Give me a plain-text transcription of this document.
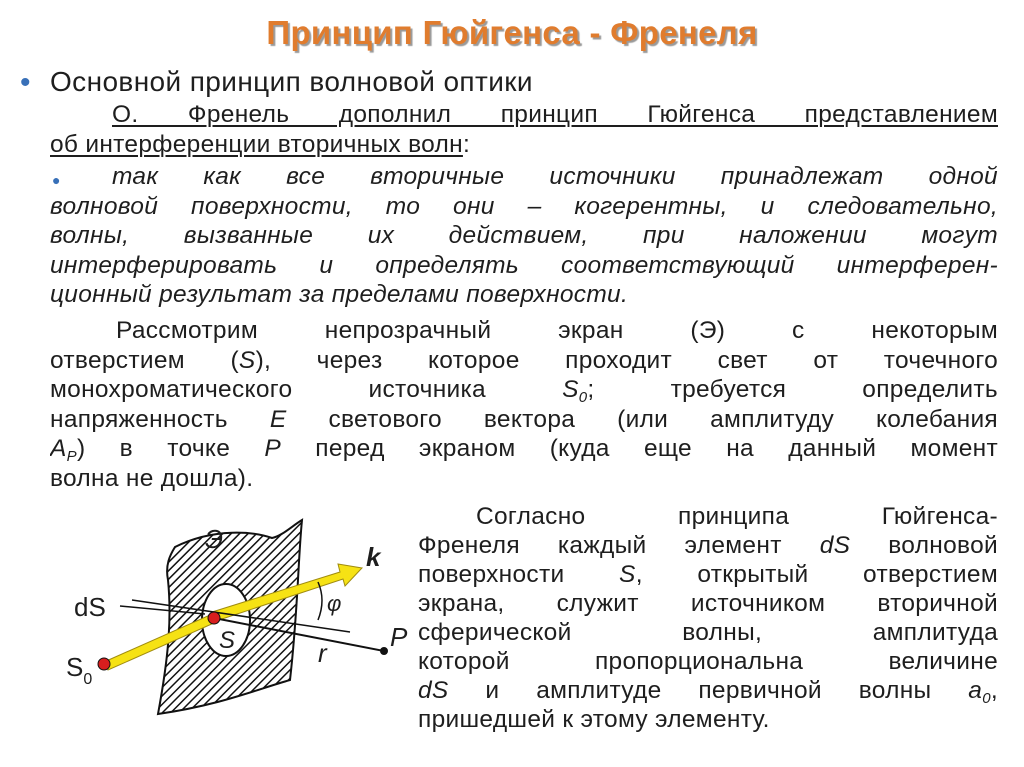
Принцип Гюйгенса - Френеля
• Основной принцип волновой оптики
О. Френель дополнил принцип Гюйгенса представлением
об интерференции вторичных волн:
●	так как все вторичные источники принадлежат одной
волновой поверхности, то они – когерентны, и следовательно,
волны, вызванные их действием, при наложении могут
интерферировать и определять соответствующий интерферен-
ционный результат за пределами поверхности.
Рассмотрим непрозрачный экран (Э) с некоторым
отверстием (S), через которое проходит свет от точечного
монохроматического источника $S_0$; требуется определить
напряженность E светового вектора (или амплитуду колебания
$A_P$) в точке P перед экраном (куда еще на данный момент
волна не дошла).
Согласно принципа Гюйгенса-
Френеля каждый элемент dS волновой
поверхности S, открытый отверстием
экрана, служит источником вторичной
сферической волны, амплитуда
которой пропорциональна величине
dS и амплитуде первичной волны $a_0$,
пришедшей к этому элементу.
Э
dS
S
$S_0$
k
φ
P
r
